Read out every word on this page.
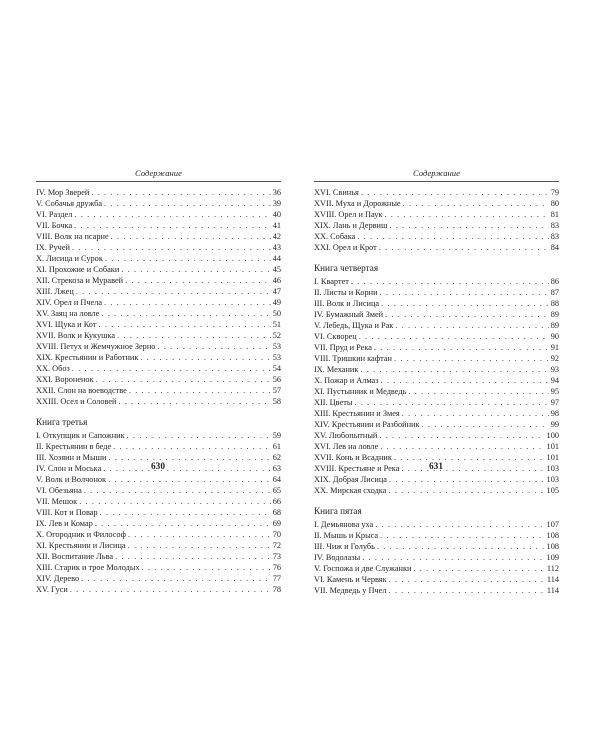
Содержание
IV. Мор Зверей . . .	36
V. Собачья дружба . . .	39
VI. Раздел . . .	40
VII. Бочка . . .	41
VIII. Волк на псарне . . .	42
IX. Ручей . . .	43
X. Лисица и Сурок . . .	44
XI. Прохожие и Собаки . . .	45
XII. Стрекоза и Муравей . . .	46
XIII. Лжец . . .	47
XIV. Орел и Пчела . . .	49
XV. Заяц на ловле . . .	50
XVI. Щука и Кот . . .	51
XVII. Волк и Кукушка . . .	52
XVIII. Петух и Жемчужное Зерно . . .	53
XIX. Крестьянин и Работник . . .	53
XX. Обоз . . .	54
XXI. Вороненок . . .	56
XXII. Слон на воеводстве . . .	57
XXIII. Осел и Соловей . . .	58
Книга третья
I. Откупщик и Сапожник . . .	59
II. Крестьянин в беде . . .	61
III. Хозяин и Мыши . . .	62
IV. Слон и Моська . . .	63
V. Волк и Волчонок . . .	64
VI. Обезьяна . . .	65
VII. Мешок . . .	66
VIII. Кот и Повар . . .	68
IX. Лев и Комар . . .	69
X. Огородник и Философ . . .	70
XI. Крестьянин и Лисица . . .	72
XII. Воспитание Льва . . .	73
XIII. Старик и трое Молодых . . .	76
XIV. Дерево . . .	77
XV. Гуси . . .	78
630
Содержание
XVI. Свинья . . .	79
XVII. Муха и Дорожные . . .	80
XVIII. Орел и Паук . . .	81
XIX. Лань и Дервиш . . .	83
XX. Собака . . .	83
XXI. Орел и Крот . . .	84
Книга четвертая
I. Квартет . . .	86
II. Листы и Корни . . .	87
III. Волк и Лисица . . .	88
IV. Бумажный Змей . . .	89
V. Лебедь, Щука и Рак . . .	89
VI. Скворец . . .	90
VII. Пруд и Река . . .	91
VIII. Тришкин кафтан . . .	92
IX. Механик . . .	93
X. Пожар и Алмаз . . .	94
XI. Пустынник и Медведь . . .	95
XII. Цветы . . .	97
XIII. Крестьянин и Змея . . .	98
XIV. Крестьянин и Разбойник . . .	99
XV. Любопытный . . .	100
XVI. Лев на ловле . . .	101
XVII. Конь и Всадник . . .	101
XVIII. Крестьяне и Река . . .	103
XIX. Добрая Лисица . . .	103
XX. Мирская сходка . . .	105
Книга пятая
I. Демьянова уха . . .	107
II. Мышь и Крыса . . .	108
III. Чиж и Голубь . . .	108
IV. Водолазы . . .	109
V. Госпожа и две Служанки . . .	112
VI. Камень и Червяк . . .	114
VII. Медведь у Пчел . . .	114
631
